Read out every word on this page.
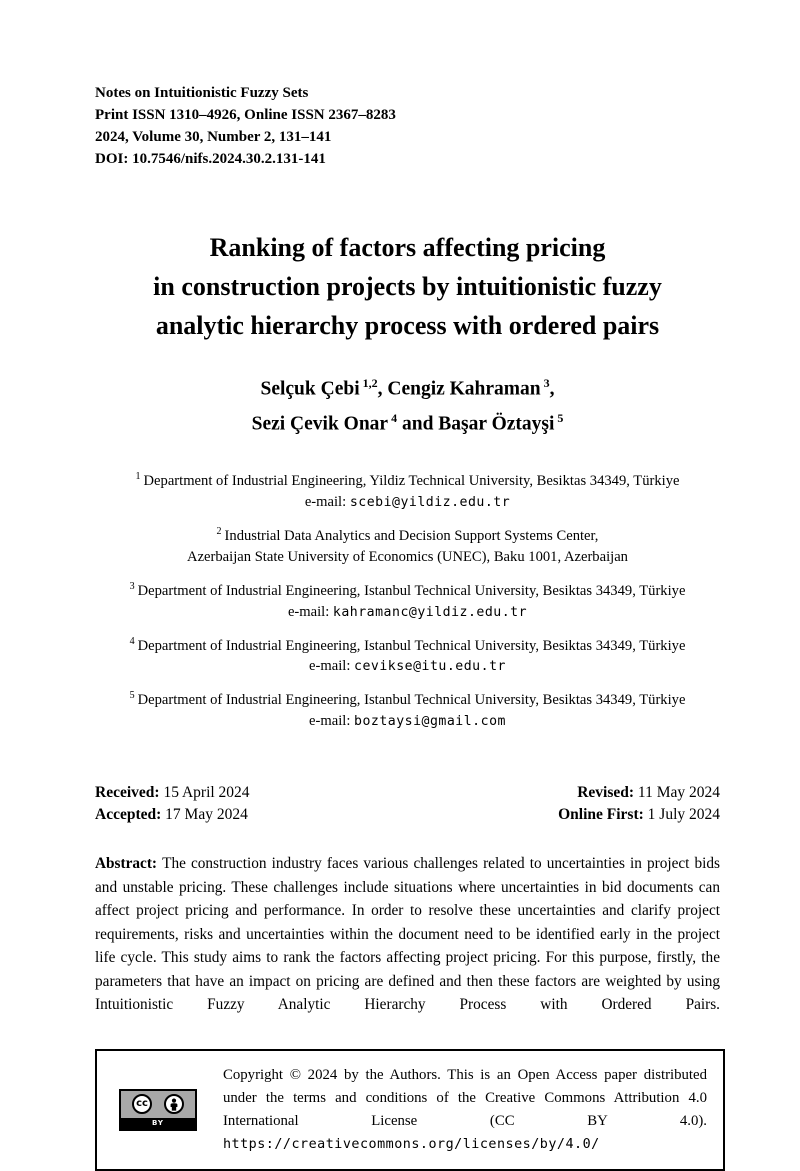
Notes on Intuitionistic Fuzzy Sets
Print ISSN 1310–4926, Online ISSN 2367–8283
2024, Volume 30, Number 2, 131–141
DOI: 10.7546/nifs.2024.30.2.131-141
Ranking of factors affecting pricing
in construction projects by intuitionistic fuzzy
analytic hierarchy process with ordered pairs
Selçuk Çebi $^{1,2}$, Cengiz Kahraman $^3$,
Sezi Çevik Onar $^4$ and Başar Öztayşi $^5$
$^1$ Department of Industrial Engineering, Yildiz Technical University, Besiktas 34349, Türkiye
e-mail: scebi@yildiz.edu.tr
$^2$ Industrial Data Analytics and Decision Support Systems Center,
Azerbaijan State University of Economics (UNEC), Baku 1001, Azerbaijan
$^3$ Department of Industrial Engineering, Istanbul Technical University, Besiktas 34349, Türkiye
e-mail: kahramanc@yildiz.edu.tr
$^4$ Department of Industrial Engineering, Istanbul Technical University, Besiktas 34349, Türkiye
e-mail: cevikse@itu.edu.tr
$^5$ Department of Industrial Engineering, Istanbul Technical University, Besiktas 34349, Türkiye
e-mail: boztaysi@gmail.com
Received: 15 April 2024	Revised: 11 May 2024
Accepted: 17 May 2024	Online First: 1 July 2024

Abstract: The construction industry faces various challenges related to uncertainties in project bids and unstable pricing. These challenges include situations where uncertainties in bid documents can affect project pricing and performance. In order to resolve these uncertainties and clarify project requirements, risks and uncertainties within the document need to be identified early in the project life cycle. This study aims to rank the factors affecting project pricing. For this purpose, firstly, the parameters that have an impact on pricing are defined and then these factors are weighted by using Intuitionistic Fuzzy Analytic Hierarchy Process with Ordered Pairs.

cc
BY
Copyright © 2024 by the Authors. This is an Open Access paper distributed under the terms and conditions of the Creative Commons Attribution 4.0 International License (CC BY 4.0). https://creativecommons.org/licenses/by/4.0/
